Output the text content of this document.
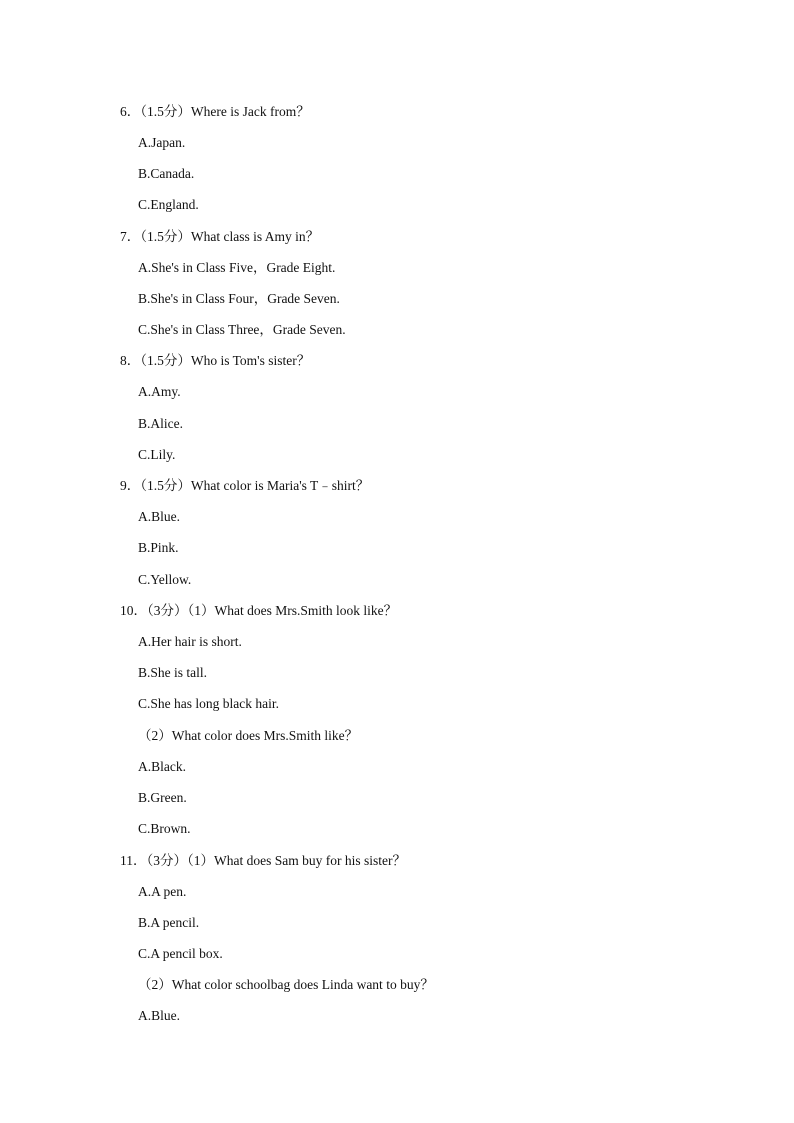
6．（1.5分）Where is Jack from？
A.Japan.
B.Canada.
C.England.
7．（1.5分）What class is Amy in？
A.She's in Class Five，Grade Eight.
B.She's in Class Four，Grade Seven.
C.She's in Class Three，Grade Seven.
8．（1.5分）Who is Tom's sister？
A.Amy.
B.Alice.
C.Lily.
9．（1.5分）What color is Maria's T﹣shirt？
A.Blue.
B.Pink.
C.Yellow.
10．（3分）（1）What does Mrs.Smith look like？
A.Her hair is short.
B.She is tall.
C.She has long black hair.
（2）What color does Mrs.Smith like？
A.Black.
B.Green.
C.Brown.
11．（3分）（1）What does Sam buy for his sister？
A.A pen.
B.A pencil.
C.A pencil box.
（2）What color schoolbag does Linda want to buy？
A.Blue.
